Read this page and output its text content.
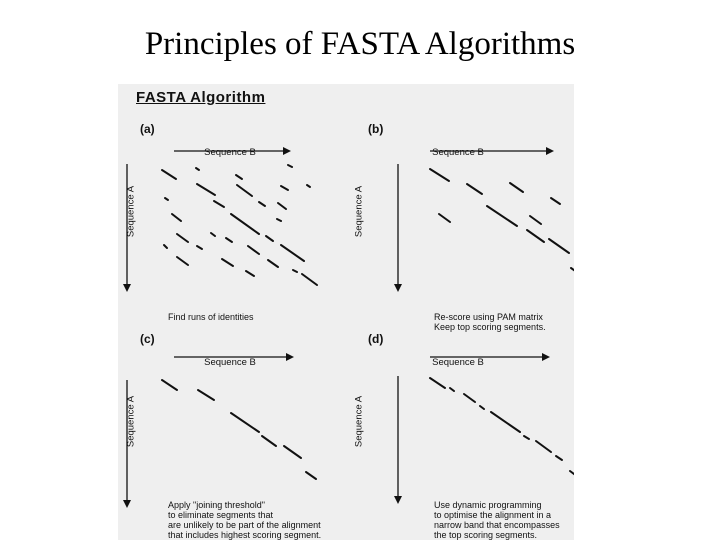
Principles of FASTA Algorithms
FASTA Algorithm
(a)
Sequence B
Sequence A
Find runs of identities
(b)
Sequence B
Sequence A
Re-score using PAM matrix
Keep top scoring segments.
(c)
Sequence B
Sequence A
Apply "joining threshold"
to eliminate segments that
are unlikely to be part of the alignment
that includes highest scoring segment.
(d)
Sequence B
Sequence A
Use dynamic programming
to optimise the alignment in a
narrow band that encompasses
the top scoring segments.
